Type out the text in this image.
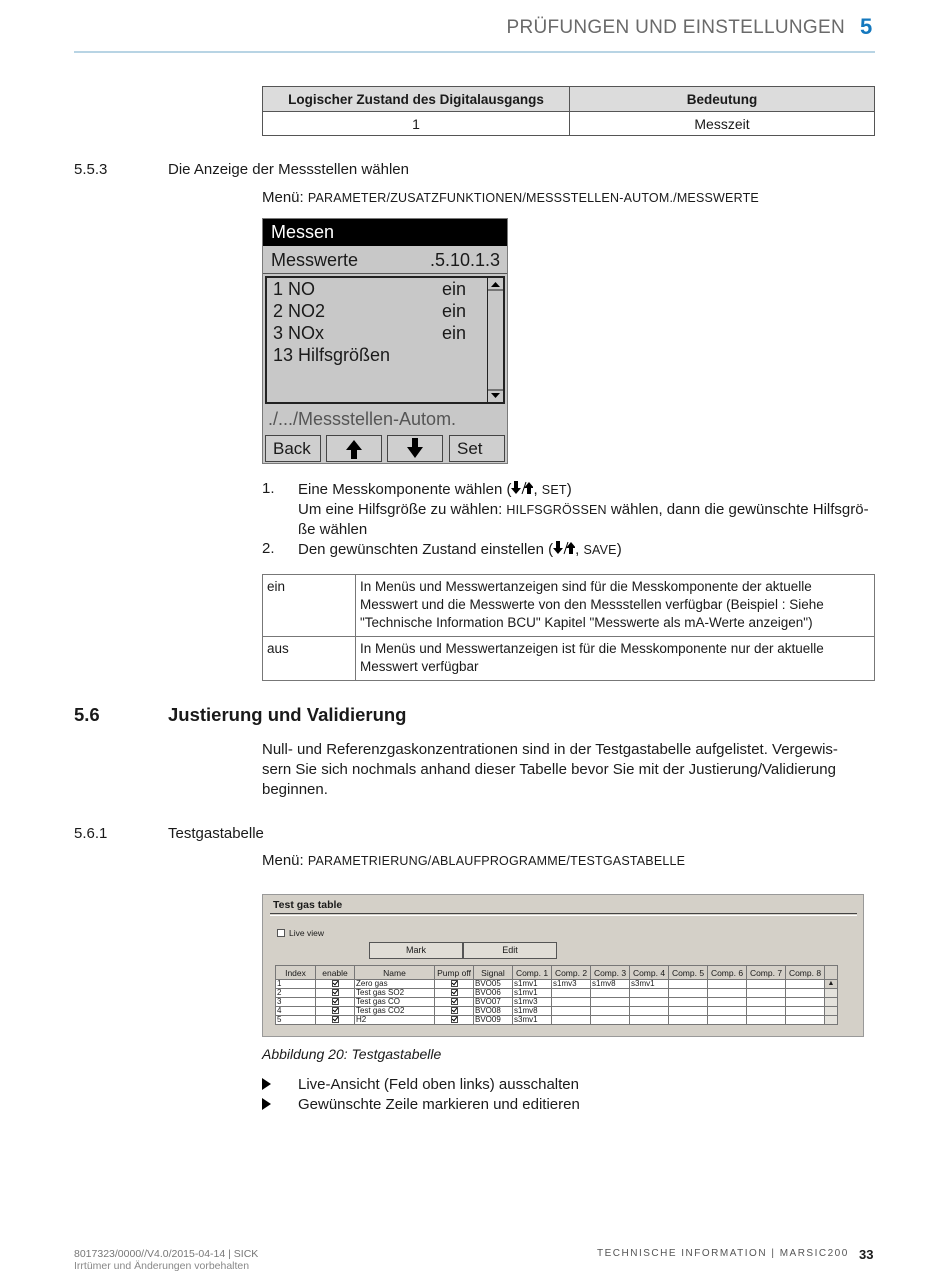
PRÜFUNGEN UND EINSTELLUNGEN 5
Logischer Zustand des Digitalausgangs	Bedeutung
1	Messzeit
5.5.3	Die Anzeige der Messstellen wählen
Menü: PARAMETER/ZUSATZFUNKTIONEN/MESSSTELLEN-AUTOM./MESSWERTE
Messen
Messwerte	.5.10.1.3
1 NO	ein
2 NO2	ein
3 NOx	ein
13 Hilfsgrößen
./.../Messstellen-Autom.
Back	Set
1. Eine Messkomponente wählen ( , SET)
Um eine Hilfsgröße zu wählen: HILFSGRÖSSEN wählen, dann die gewünschte Hilfsgrö-
ße wählen
2. Den gewünschten Zustand einstellen ( , SAVE)
ein	In Menüs und Messwertanzeigen sind für die Messkomponente der aktuelle
Messwert und die Messwerte von den Messstellen verfügbar (Beispiel : Siehe
"Technische Information BCU" Kapitel "Messwerte als mA-Werte anzeigen")

aus	In Menüs und Messwertanzeigen ist für die Messkomponente nur der aktuelle
Messwert verfügbar
5.6	Justierung und Validierung
Null- und Referenzgaskonzentrationen sind in der Testgastabelle aufgelistet. Vergewis-
sern Sie sich nochmals anhand dieser Tabelle bevor Sie mit der Justierung/Validierung
beginnen.
5.6.1	Testgastabelle
Menü: PARAMETRIERUNG/ABLAUFPROGRAMME/TESTGASTABELLE
Test gas table
Live view
Mark	Edit
Index	enable	Name	Pump off	Signal	Comp. 1	Comp. 2	Comp. 3	Comp. 4	Comp. 5	Comp. 6	Comp. 7	Comp. 8	
1		Zero gas		BVO05	s1mv1	s1mv3	s1mv8	s3mv1					▲
2		Test gas SO2		BVO06	s1mv1								
3		Test gas CO		BVO07	s1mv3								
4		Test gas CO2		BVO08	s1mv8								
5		H2		BVO09	s3mv1								
Abbildung 20: Testgastabelle
Live-Ansicht (Feld oben links) ausschalten
Gewünschte Zeile markieren und editieren
8017323/0000//V4.0/2015-04-14 | SICK
Irrtümer und Änderungen vorbehalten
TECHNISCHE INFORMATION | MARSIC200 33
